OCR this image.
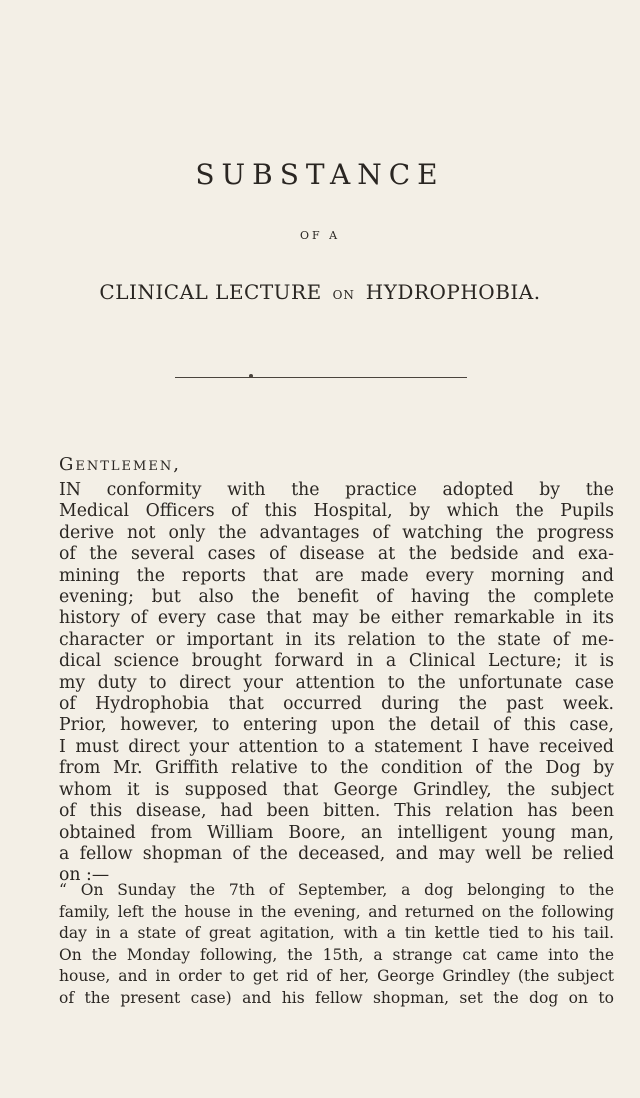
SUBSTANCE
OF A
CLINICAL LECTURE ON HYDROPHOBIA.
Gentlemen,

IN conformity with the practice adopted by the
Medical Officers of this Hospital, by which the Pupils
derive not only the advantages of watching the progress
of the several cases of disease at the bedside and exa-
mining the reports that are made every morning and
evening; but also the benefit of having the complete
history of every case that may be either remarkable in its
character or important in its relation to the state of me-
dical science brought forward in a Clinical Lecture; it is
my duty to direct your attention to the unfortunate case
of Hydrophobia that occurred during the past week.
Prior, however, to entering upon the detail of this case,
I must direct your attention to a statement I have received
from Mr. Griffith relative to the condition of the Dog by
whom it is supposed that George Grindley, the subject
of this disease, had been bitten. This relation has been
obtained from William Boore, an intelligent young man,
a fellow shopman of the deceased, and may well be relied
on :—

“ On Sunday the 7th of September, a dog belonging to the
family, left the house in the evening, and returned on the following
day in a state of great agitation, with a tin kettle tied to his tail.
On the Monday following, the 15th, a strange cat came into the
house, and in order to get rid of her, George Grindley (the subject
of the present case) and his fellow shopman, set the dog on to
